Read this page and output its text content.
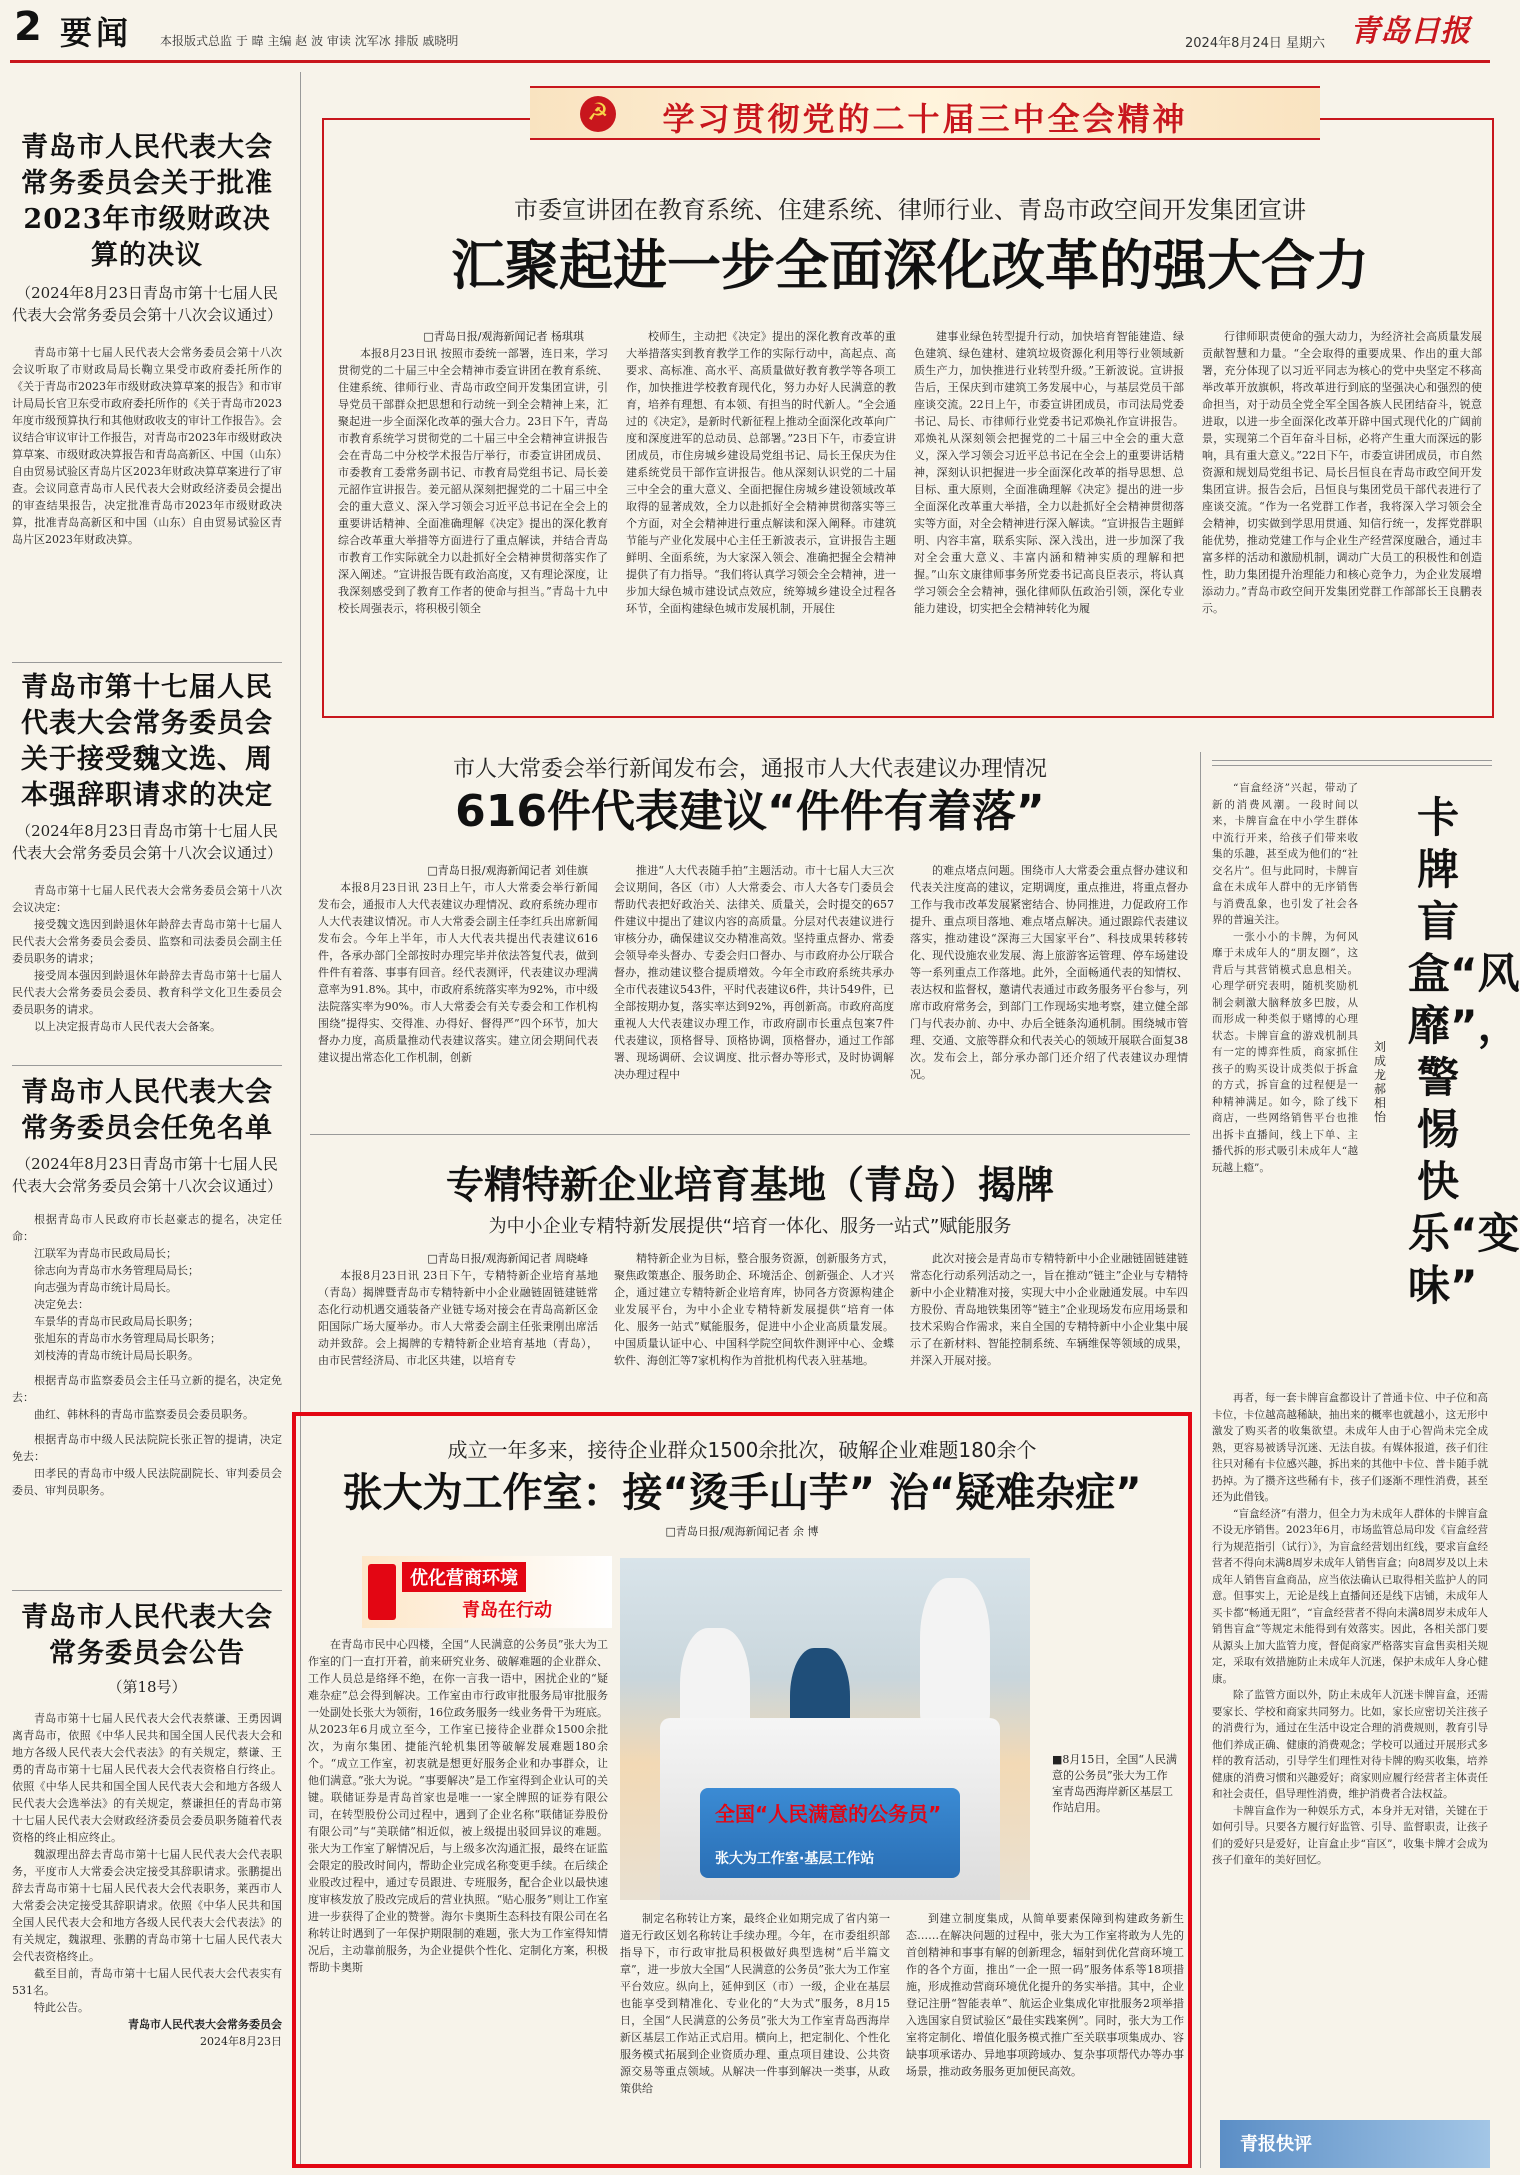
2 要闻 本报版式总监 于 暐 主编 赵 波 审读 沈军冰 排版 戚晓明	2024年8月24日 星期六 青岛日报
青岛市人民代表大会常务委员会关于批准2023年市级财政决算的决议
（2024年8月23日青岛市第十七届人民代表大会常务委员会第十八次会议通过）

青岛市第十七届人民代表大会常务委员会第十八次会议听取了市财政局局长鞠立果受市政府委托所作的《关于青岛市2023年市级财政决算草案的报告》和市审计局局长官卫东受市政府委托所作的《关于青岛市2023年度市级预算执行和其他财政收支的审计工作报告》。会议结合审议审计工作报告，对青岛市2023年市级财政决算草案、市级财政决算报告和青岛高新区、中国（山东）自由贸易试验区青岛片区2023年财政决算草案进行了审查。会议同意青岛市人民代表大会财政经济委员会提出的审查结果报告，决定批准青岛市2023年市级财政决算，批准青岛高新区和中国（山东）自由贸易试验区青岛片区2023年财政决算。

青岛市第十七届人民代表大会常务委员会关于接受魏文选、周本强辞职请求的决定
（2024年8月23日青岛市第十七届人民代表大会常务委员会第十八次会议通过）

青岛市第十七届人民代表大会常务委员会第十八次会议决定：

接受魏文选因到龄退休年龄辞去青岛市第十七届人民代表大会常务委员会委员、监察和司法委员会副主任委员职务的请求；

接受周本强因到龄退休年龄辞去青岛市第十七届人民代表大会常务委员会委员、教育科学文化卫生委员会委员职务的请求。

以上决定报青岛市人民代表大会备案。

青岛市人民代表大会常务委员会任免名单
（2024年8月23日青岛市第十七届人民代表大会常务委员会第十八次会议通过）

根据青岛市人民政府市长赵豪志的提名，决定任命：

江联军为青岛市民政局局长；

徐志向为青岛市水务管理局局长；

向志强为青岛市统计局局长。

决定免去：

车景华的青岛市民政局局长职务；

张旭东的青岛市水务管理局局长职务；

刘枝涛的青岛市统计局局长职务。

根据青岛市监察委员会主任马立新的提名，决定免去：

曲红、韩林科的青岛市监察委员会委员职务。

根据青岛市中级人民法院院长张正智的提请，决定免去：

田孝民的青岛市中级人民法院副院长、审判委员会委员、审判员职务。

青岛市人民代表大会常务委员会公告
（第18号）

青岛市第十七届人民代表大会代表蔡谦、王勇因调离青岛市，依照《中华人民共和国全国人民代表大会和地方各级人民代表大会代表法》的有关规定，蔡谦、王勇的青岛市第十七届人民代表大会代表资格自行终止。依照《中华人民共和国全国人民代表大会和地方各级人民代表大会选举法》的有关规定，蔡谦担任的青岛市第十七届人民代表大会财政经济委员会委员职务随着代表资格的终止相应终止。

魏淑理出辞去青岛市第十七届人民代表大会代表职务，平度市人大常委会决定接受其辞职请求。张鹏提出辞去青岛市第十七届人民代表大会代表职务，莱西市人大常委会决定接受其辞职请求。依照《中华人民共和国全国人民代表大会和地方各级人民代表大会代表法》的有关规定，魏淑理、张鹏的青岛市第十七届人民代表大会代表资格终止。

截至目前，青岛市第十七届人民代表大会代表实有531名。

特此公告。

青岛市人民代表大会常务委员会
2024年8月23日
学习贯彻党的二十届三中全会精神
☭
市委宣讲团在教育系统、住建系统、律师行业、青岛市政空间开发集团宣讲
汇聚起进一步全面深化改革的强大合力
□青岛日报/观海新闻记者 杨琪琪

本报8月23日讯 按照市委统一部署，连日来，学习贯彻党的二十届三中全会精神市委宣讲团在教育系统、住建系统、律师行业、青岛市政空间开发集团宣讲，引导党员干部群众把思想和行动统一到全会精神上来，汇聚起进一步全面深化改革的强大合力。23日下午，青岛市教育系统学习贯彻党的二十届三中全会精神宣讲报告会在青岛二中分校学术报告厅举行，市委宣讲团成员、市委教育工委常务副书记、市教育局党组书记、局长姜元韶作宣讲报告。姜元韶从深刻把握党的二十届三中全会的重大意义、深入学习领会习近平总书记在全会上的重要讲话精神、全面准确理解《决定》提出的深化教育综合改革重大举措等方面进行了重点解读，并结合青岛市教育工作实际就全力以赴抓好全会精神贯彻落实作了深入阐述。“宣讲报告既有政治高度，又有理论深度，让我深刻感受到了教育工作者的使命与担当。”青岛十九中校长周强表示，将积极引领全

校师生，主动把《决定》提出的深化教育改革的重大举措落实到教育教学工作的实际行动中，高起点、高要求、高标准、高水平、高质量做好教育教学等各项工作，加快推进学校教育现代化，努力办好人民满意的教育，培养有理想、有本领、有担当的时代新人。“全会通过的《决定》，是新时代新征程上推动全面深化改革向广度和深度进军的总动员、总部署。”23日下午，市委宣讲团成员，市住房城乡建设局党组书记、局长王保庆为住建系统党员干部作宣讲报告。他从深刻认识党的二十届三中全会的重大意义、全面把握住房城乡建设领域改革取得的显著成效，全力以赴抓好全会精神贯彻落实等三个方面，对全会精神进行重点解读和深入阐释。市建筑节能与产业化发展中心主任王新波表示，宣讲报告主题鲜明、全面系统，为大家深入领会、准确把握全会精神提供了有力指导。“我们将认真学习领会全会精神，进一步加大绿色城市建设试点效应，统筹城乡建设全过程各环节，全面构建绿色城市发展机制，开展住

建事业绿色转型提升行动，加快培育智能建造、绿色建筑、绿色建材、建筑垃圾资源化利用等行业领域新质生产力，加快推进行业转型升级。”王新波说。宣讲报告后，王保庆到市建筑工务发展中心，与基层党员干部座谈交流。22日上午，市委宣讲团成员，市司法局党委书记、局长、市律师行业党委书记邓焕礼作宣讲报告。邓焕礼从深刻领会把握党的二十届三中全会的重大意义，深入学习领会习近平总书记在全会上的重要讲话精神，深刻认识把握进一步全面深化改革的指导思想、总目标、重大原则，全面准确理解《决定》提出的进一步全面深化改革重大举措，全力以赴抓好全会精神贯彻落实等方面，对全会精神进行深入解读。“宣讲报告主题鲜明、内容丰富，联系实际、深入浅出，进一步加深了我对全会重大意义、丰富内涵和精神实质的理解和把握。”山东文康律师事务所党委书记高良臣表示，将认真学习领会全会精神，强化律师队伍政治引领，深化专业能力建设，切实把全会精神转化为履

行律师职责使命的强大动力，为经济社会高质量发展贡献智慧和力量。“全会取得的重要成果、作出的重大部署，充分体现了以习近平同志为核心的党中央坚定不移高举改革开放旗帜，将改革进行到底的坚强决心和强烈的使命担当，对于动员全党全军全国各族人民团结奋斗，锐意进取，以进一步全面深化改革开辟中国式现代化的广阔前景，实现第二个百年奋斗目标，必将产生重大而深远的影响，具有重大意义。”22日下午，市委宣讲团成员，市自然资源和规划局党组书记、局长吕恒良在青岛市政空间开发集团宣讲。报告会后，吕恒良与集团党员干部代表进行了座谈交流。“作为一名党群工作者，我将深入学习领会全会精神，切实做到学思用贯通、知信行统一，发挥党群职能优势，推动党建工作与企业生产经营深度融合，通过丰富多样的活动和激励机制，调动广大员工的积极性和创造性，助力集团提升治理能力和核心竞争力，为企业发展增添动力。”青岛市政空间开发集团党群工作部部长王良鹏表示。

市人大常委会举行新闻发布会，通报市人大代表建议办理情况
616件代表建议“件件有着落”
□青岛日报/观海新闻记者 刘佳旗

本报8月23日讯 23日上午，市人大常委会举行新闻发布会，通报市人大代表建议办理情况、政府系统办理市人大代表建议情况。市人大常委会副主任李红兵出席新闻发布会。今年上半年，市人大代表共提出代表建议616件，各承办部门全部按时办理完毕并依法答复代表，做到件件有着落、事事有回音。经代表测评，代表建议办理满意率为91.8%。其中，市政府系统落实率为92%，市中级法院落实率为90%。市人大常委会有关专委会和工作机构围绕“提得实、交得准、办得好、督得严”四个环节，加大督办力度，高质量推动代表建议落实。建立闭会期间代表建议提出常态化工作机制，创新

推进“人大代表随手拍”主题活动。市十七届人大三次会议期间，各区（市）人大常委会、市人大各专门委员会帮助代表把好政治关、法律关、质量关，会时提交的657件建议中提出了建议内容的高质量。分层对代表建议进行审核分办，确保建议交办精准高效。坚持重点督办、常委会领导牵头督办、专委会归口督办、与市政府办公厅联合督办，推动建议整合提质增效。今年全市政府系统共承办全市代表建议543件，平时代表建议6件，共计549件，已全部按期办复，落实率达到92%，再创新高。市政府高度重视人大代表建议办理工作，市政府副市长重点包案7件代表建议，顶格督导、顶格协调，顶格督办，通过工作部署、现场调研、会议调度、批示督办等形式，及时协调解决办理过程中

的难点堵点问题。围绕市人大常委会重点督办建议和代表关注度高的建议，定期调度，重点推进，将重点督办工作与我市改革发展紧密结合、协同推进，力促政府工作提升、重点项目落地、难点堵点解决。通过跟踪代表建议落实，推动建设“深海三大国家平台”、科技成果转移转化、现代设施农业发展、海上旅游客运管理、停车场建设等一系列重点工作落地。此外，全面畅通代表的知情权、表达权和监督权，邀请代表通过市政务服务平台参与，列席市政府常务会，到部门工作现场实地考察，建立健全部门与代表办前、办中、办后全链条沟通机制。围绕城市管理、交通、文旅等群众和代表关心的领域开展联合面复38次。发布会上，部分承办部门还介绍了代表建议办理情况。

专精特新企业培育基地（青岛）揭牌
为中小企业专精特新发展提供“培育一体化、服务一站式”赋能服务
□青岛日报/观海新闻记者 周晓峰

本报8月23日讯 23日下午，专精特新企业培育基地（青岛）揭牌暨青岛市专精特新中小企业融链固链建链常态化行动机遇交通装备产业链专场对接会在青岛高新区金阳国际广场大厦举办。市人大常委会副主任张秉刚出席活动并致辞。会上揭牌的专精特新企业培育基地（青岛），由市民营经济局、市北区共建，以培育专

精特新企业为目标，整合服务资源，创新服务方式，聚焦政策惠企、服务助企、环境活企、创新强企、人才兴企，通过建立专精特新企业培育库，协同各方资源构建企业发展平台，为中小企业专精特新发展提供“培育一体化、服务一站式”赋能服务，促进中小企业高质量发展。中国质量认证中心、中国科学院空间软件测评中心、金蝶软件、海创汇等7家机构作为首批机构代表入驻基地。

此次对接会是青岛市专精特新中小企业融链固链建链常态化行动系列活动之一，旨在推动“链主”企业与专精特新中小企业精准对接，实现大中小企业融通发展。中车四方股份、青岛地铁集团等“链主”企业现场发布应用场景和技术采购合作需求，来自全国的专精特新中小企业集中展示了在新材料、智能控制系统、车辆维保等领域的成果，并深入开展对接。

成立一年多来，接待企业群众1500余批次，破解企业难题180余个
张大为工作室：接“烫手山芋” 治“疑难杂症”
□青岛日报/观海新闻记者 余 博
优化营商环境
青岛在行动
全国“人民满意的公务员”
张大为工作室·基层工作站
■8月15日，全国“人民满意的公务员”张大为工作室青岛西海岸新区基层工作站启用。

在青岛市民中心四楼，全国“人民满意的公务员”张大为工作室的门一直打开着，前来研究业务、破解难题的企业群众、工作人员总是络绎不绝，在你一言我一语中，困扰企业的“疑难杂症”总会得到解决。工作室由市行政审批服务局审批服务一处副处长张大为领衔，16位政务服务一线业务骨干为班底。从2023年6月成立至今，工作室已接待企业群众1500余批次，为南尔集团、捷能汽轮机集团等破解发展难题180余个。“成立工作室，初衷就是想更好服务企业和办事群众，让他们满意。”张大为说。“事要解决”是工作室得到企业认可的关键。联储证券是青岛首家也是唯一一家全牌照的证券有限公司，在转型股份公司过程中，遇到了企业名称“联储证券股份有限公司”与“美联储”相近似，被上级提出驳回异议的难题。张大为工作室了解情况后，与上级多次沟通汇报，最终在证监会限定的股改时间内，帮助企业完成名称变更手续。在后续企业股改过程中，通过专员跟进、专班服务，配合企业以最快速度审核发放了股改完成后的营业执照。“贴心服务”则让工作室进一步获得了企业的赞誉。海尔卡奥斯生态科技有限公司在名称转让时遇到了一年保护期限制的难题，张大为工作室得知情况后，主动靠前服务，为企业提供个性化、定制化方案，积极帮助卡奥斯

制定名称转让方案，最终企业如期完成了省内第一道无行政区划名称转让手续办理。今年，在市委组织部指导下，市行政审批局积极做好典型选树“后半篇文章”，进一步放大全国“人民满意的公务员”张大为工作室平台效应。纵向上，延伸到区（市）一级，企业在基层也能享受到精准化、专业化的“大为式”服务，8月15日，全国“人民满意的公务员”张大为工作室青岛西海岸新区基层工作站正式启用。横向上，把定制化、个性化服务模式拓展到企业资质办理、重点项目建设、公共资源交易等重点领域。从解决一件事到解决一类事，从政策供给

到建立制度集成，从简单要素保障到构建政务新生态……在解决问题的过程中，张大为工作室将敢为人先的首创精神和事事有解的创新理念，辐射到优化营商环境工作的各个方面，推出“一企一照一码”服务体系等18项措施，形成推动营商环境优化提升的务实举措。其中，企业登记注册“智能表单”、航运企业集成化审批服务2项举措入选国家自贸试验区“最佳实践案例”。同时，张大为工作室将定制化、增值化服务模式推广至关联事项集成办、容缺事项承诺办、异地事项跨域办、复杂事项帮代办等办事场景，推动政务服务更加便民高效。

卡牌盲盒“风靡”，警惕快乐“变味”
刘成龙 郝相怡

“盲盒经济”兴起，带动了新的消费风潮。一段时间以来，卡牌盲盒在中小学生群体中流行开来，给孩子们带来收集的乐趣，甚至成为他们的“社交名片”。但与此同时，卡牌盲盒在未成年人群中的无序销售与消费乱象，也引发了社会各界的普遍关注。

一张小小的卡牌，为何风靡于未成年人的“朋友圈”，这背后与其营销模式息息相关。心理学研究表明，随机奖励机制会刺激大脑释放多巴胺，从而形成一种类似于赌博的心理状态。卡牌盲盒的游戏机制具有一定的博弈性质，商家抓住孩子的购买设计成类似于拆盒的方式，拆盲盒的过程便是一种精神满足。如今，除了线下商店，一些网络销售平台也推出拆卡直播间，线上下单、主播代拆的形式吸引未成年人“越玩越上瘾”。

再者，每一套卡牌盲盒都设计了普通卡位、中子位和高卡位，卡位越高越稀缺，抽出来的概率也就越小，这无形中激发了购买者的收集欲望。未成年人由于心智尚未完全成熟，更容易被诱导沉迷、无法自拔。有媒体报道，孩子们往往只对稀有卡位感兴趣，拆出来的其他中卡位、普卡随手就扔掉。为了攒齐这些稀有卡，孩子们逐渐不理性消费，甚至还为此借钱。

“盲盒经济”有潜力，但全力为未成年人群体的卡牌盲盒不设无序销售。2023年6月，市场监管总局印发《盲盒经营行为规范指引（试行）》，为盲盒经营划出红线，要求盲盒经营者不得向未满8周岁未成年人销售盲盒；向8周岁及以上未成年人销售盲盒商品，应当依法确认已取得相关监护人的同意。但事实上，无论是线上直播间还是线下店铺，未成年人买卡都“畅通无阻”，“盲盒经营者不得向未满8周岁未成年人销售盲盒”等规定未能得到有效落实。因此，各相关部门要从源头上加大监管力度，督促商家严格落实盲盒售卖相关规定，采取有效措施防止未成年人沉迷，保护未成年人身心健康。

除了监管方面以外，防止未成年人沉迷卡牌盲盒，还需要家长、学校和商家共同努力。比如，家长应密切关注孩子的消费行为，通过在生活中设定合理的消费规则，教育引导他们养成正确、健康的消费观念；学校可以通过开展形式多样的教育活动，引导学生们理性对待卡牌的购买收集，培养健康的消费习惯和兴趣爱好；商家则应履行经营者主体责任和社会责任，倡导理性消费，维护消费者合法权益。

卡牌盲盒作为一种娱乐方式，本身并无对错，关键在于如何引导。只要各方履行好监管、引导、监督职责，让孩子们的爱好只是爱好，让盲盒止步“盲区”，收集卡牌才会成为孩子们童年的美好回忆。

青报快评
